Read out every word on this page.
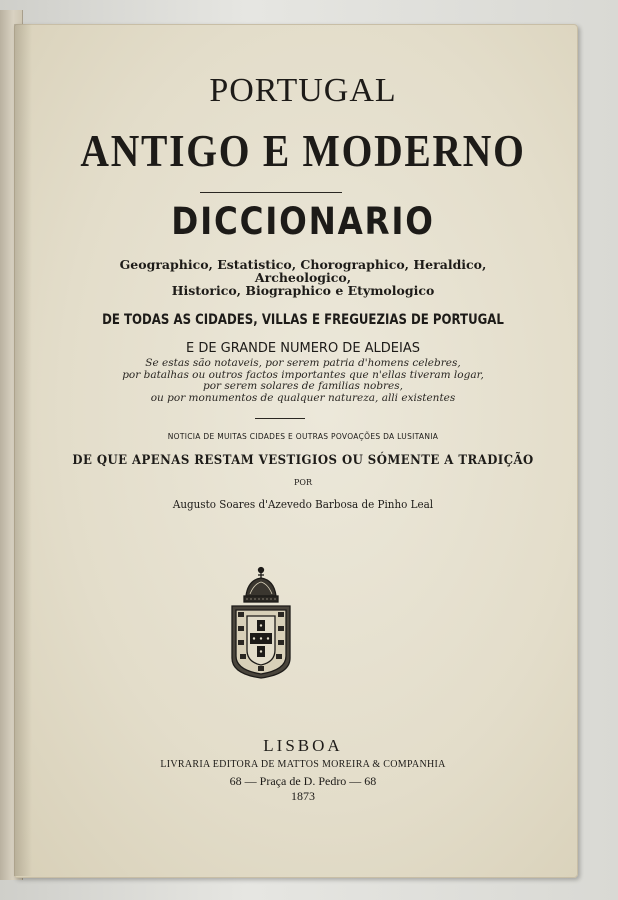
PORTUGAL
ANTIGO E MODERNO
DICCIONARIO
Geographico, Estatistico, Chorographico, Heraldico,
Archeologico,
Historico, Biographico e Etymologico
DE TODAS AS CIDADES, VILLAS E FREGUEZIAS DE PORTUGAL
E DE GRANDE NUMERO DE ALDEIAS
Se estas são notaveis, por serem patria d'homens celebres,
por batalhas ou outros factos importantes que n'ellas tiveram logar,
por serem solares de familias nobres,
ou por monumentos de qualquer natureza, alli existentes
NOTICIA DE MUITAS CIDADES E OUTRAS POVOAÇÕES DA LUSITANIA
DE QUE APENAS RESTAM VESTIGIOS OU SÓMENTE A TRADIÇÃO
POR
Augusto Soares d'Azevedo Barbosa de Pinho Leal
LISBOA
LIVRARIA EDITORA DE MATTOS MOREIRA & COMPANHIA
68 — Praça de D. Pedro — 68
1873
